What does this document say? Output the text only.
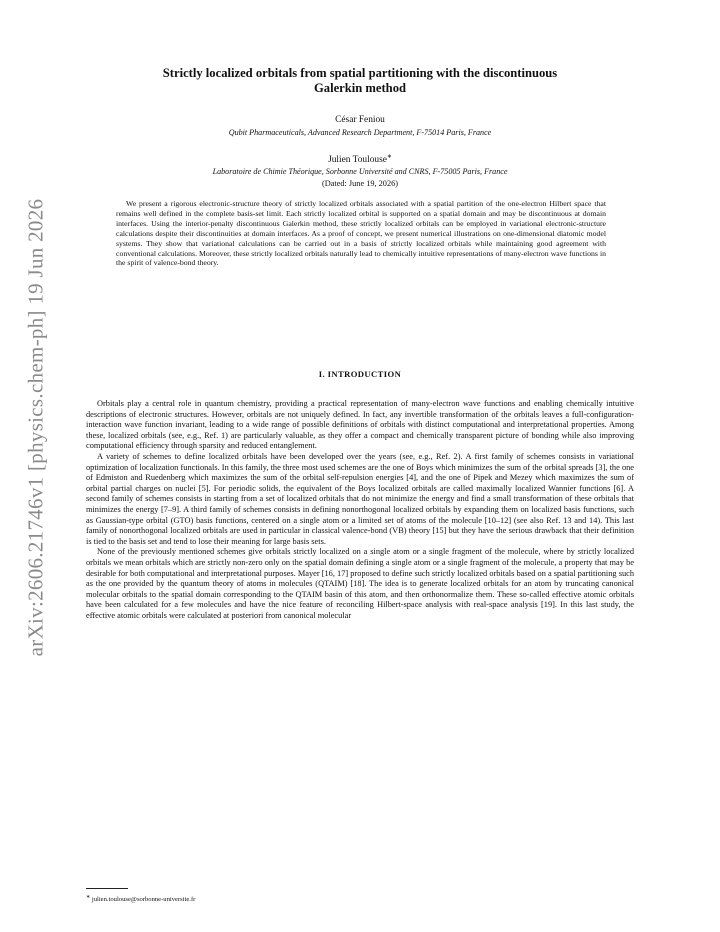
arXiv:2606.21746v1 [physics.chem-ph] 19 Jun 2026
Strictly localized orbitals from spatial partitioning with the discontinuous
Galerkin method
César Feniou
Qubit Pharmaceuticals, Advanced Research Department, F-75014 Paris, France
Julien Toulouse∗
Laboratoire de Chimie Théorique, Sorbonne Université and CNRS, F-75005 Paris, France
(Dated: June 19, 2026)

We present a rigorous electronic-structure theory of strictly localized orbitals associated with a spatial partition of the one-electron Hilbert space that remains well defined in the complete basis-set limit. Each strictly localized orbital is supported on a spatial domain and may be discontinuous at domain interfaces. Using the interior-penalty discontinuous Galerkin method, these strictly localized orbitals can be employed in variational electronic-structure calculations despite their discontinuities at domain interfaces. As a proof of concept, we present numerical illustrations on one-dimensional diatomic model systems. They show that variational calculations can be carried out in a basis of strictly localized orbitals while maintaining good agreement with conventional calculations. Moreover, these strictly localized orbitals naturally lead to chemically intuitive representations of many-electron wave functions in the spirit of valence-bond theory.

I. INTRODUCTION

Orbitals play a central role in quantum chemistry, providing a practical representation of many-electron wave functions and enabling chemically intuitive descriptions of electronic structures. However, orbitals are not uniquely defined. In fact, any invertible transformation of the orbitals leaves a full-configuration-interaction wave function invariant, leading to a wide range of possible definitions of orbitals with distinct computational and interpretational properties. Among these, localized orbitals (see, e.g., Ref. 1) are particularly valuable, as they offer a compact and chemically transparent picture of bonding while also improving computational efficiency through sparsity and reduced entanglement.

A variety of schemes to define localized orbitals have been developed over the years (see, e.g., Ref. 2). A first family of schemes consists in variational optimization of localization functionals. In this family, the three most used schemes are the one of Boys which minimizes the sum of the orbital spreads [3], the one of Edmiston and Ruedenberg which maximizes the sum of the orbital self-repulsion energies [4], and the one of Pipek and Mezey which maximizes the sum of orbital partial charges on nuclei [5]. For periodic solids, the equivalent of the Boys localized orbitals are called maximally localized Wannier functions [6]. A second family of schemes consists in starting from a set of localized orbitals that do not minimize the energy and find a small transformation of these orbitals that minimizes the energy [7–9]. A third family of schemes consists in defining nonorthogonal localized orbitals by expanding them on localized basis functions, such as Gaussian-type orbital (GTO) basis functions, centered on a single atom or a limited set of atoms of the molecule [10–12] (see also Ref. 13 and 14). This last family of nonorthogonal localized orbitals are used in particular in classical valence-bond (VB) theory [15] but they have the serious drawback that their definition is tied to the basis set and tend to lose their meaning for large basis sets.

None of the previously mentioned schemes give orbitals strictly localized on a single atom or a single fragment of the molecule, where by strictly localized orbitals we mean orbitals which are strictly non-zero only on the spatial domain defining a single atom or a single fragment of the molecule, a property that may be desirable for both computational and interpretational purposes. Mayer [16, 17] proposed to define such strictly localized orbitals based on a spatial partitioning such as the one provided by the quantum theory of atoms in molecules (QTAIM) [18]. The idea is to generate localized orbitals for an atom by truncating canonical molecular orbitals to the spatial domain corresponding to the QTAIM basin of this atom, and then orthonormalize them. These so-called effective atomic orbitals have been calculated for a few molecules and have the nice feature of reconciling Hilbert-space analysis with real-space analysis [19]. In this last study, the effective atomic orbitals were calculated at posteriori from canonical molecular

∗ julien.toulouse@sorbonne-universite.fr
